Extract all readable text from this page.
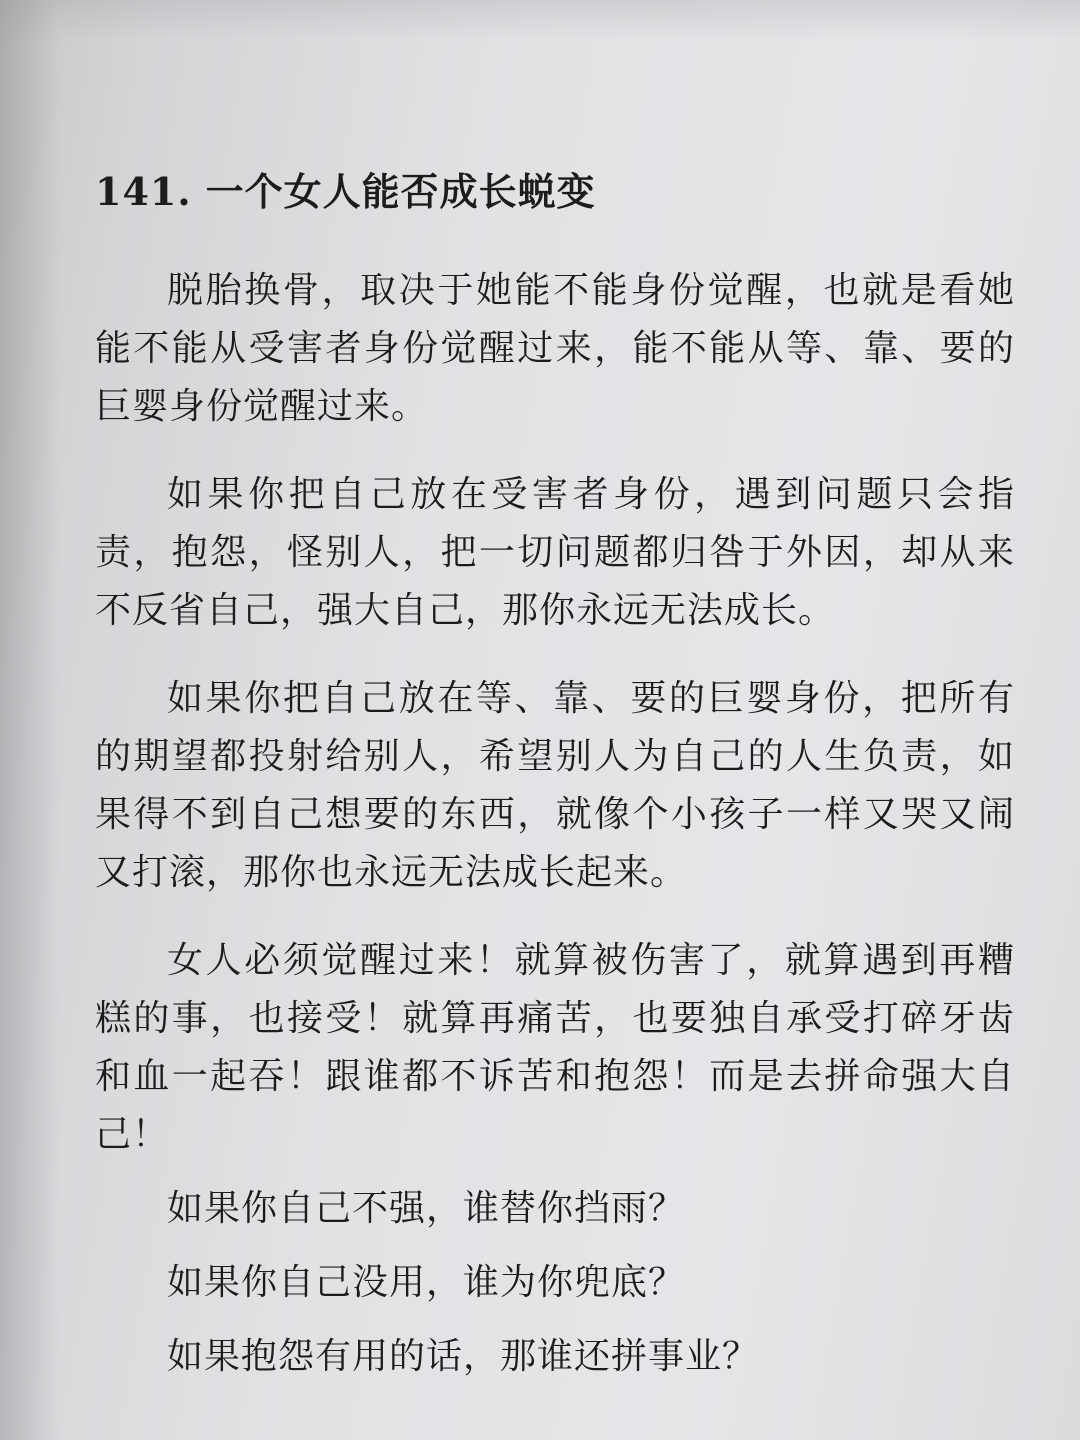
141. 一个女人能否成长蜕变

脱胎换骨，取决于她能不能身份觉醒，也就是看她能不能从受害者身份觉醒过来，能不能从等、靠、要的巨婴身份觉醒过来。

如果你把自己放在受害者身份，遇到问题只会指责，抱怨，怪别人，把一切问题都归咎于外因，却从来不反省自己，强大自己，那你永远无法成长。

如果你把自己放在等、靠、要的巨婴身份，把所有的期望都投射给别人，希望别人为自己的人生负责，如果得不到自己想要的东西，就像个小孩子一样又哭又闹又打滚，那你也永远无法成长起来。

女人必须觉醒过来！就算被伤害了，就算遇到再糟糕的事，也接受！就算再痛苦，也要独自承受打碎牙齿和血一起吞！跟谁都不诉苦和抱怨！而是去拼命强大自己！

如果你自己不强，谁替你挡雨？

如果你自己没用，谁为你兜底？

如果抱怨有用的话，那谁还拼事业？
